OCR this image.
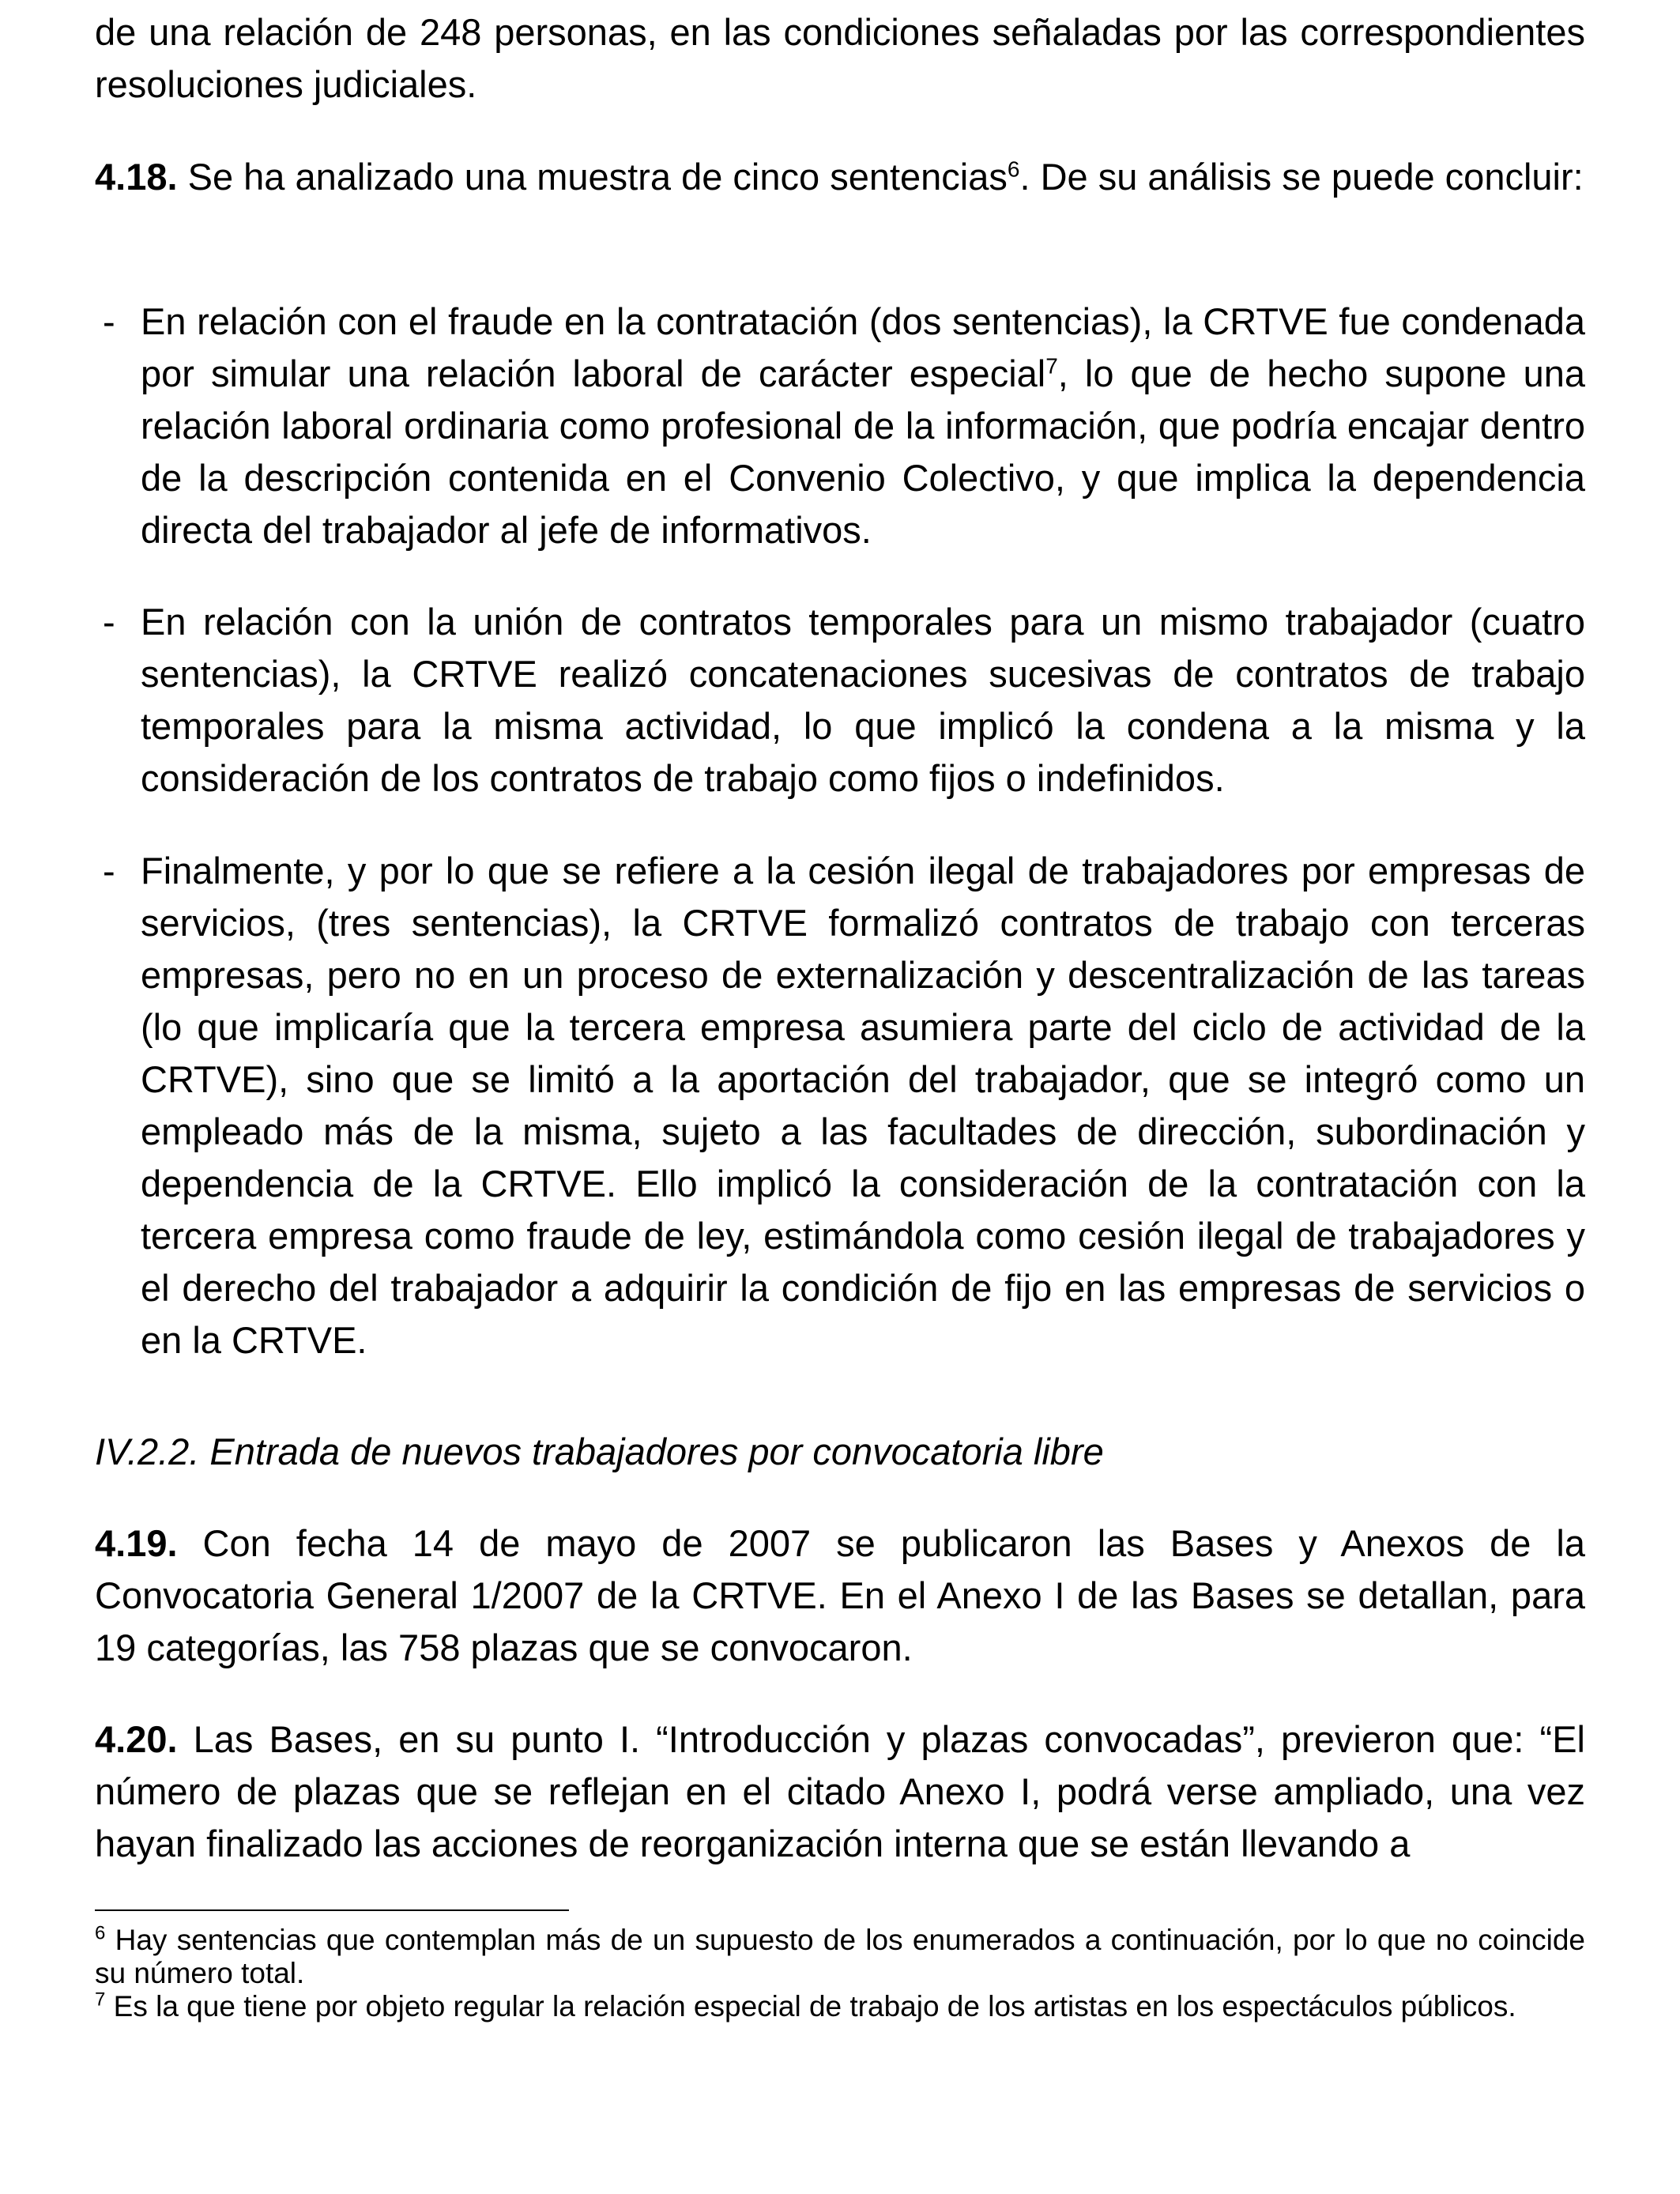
de una relación de 248 personas, en las condiciones señaladas por las correspondientes resoluciones judiciales.

4.18. Se ha analizado una muestra de cinco sentencias$^6$. De su análisis se puede concluir:

- En relación con el fraude en la contratación (dos sentencias), la CRTVE fue condenada por simular una relación laboral de carácter especial$^7$, lo que de hecho supone una relación laboral ordinaria como profesional de la información, que podría encajar dentro de la descripción contenida en el Convenio Colectivo, y que implica la dependencia directa del trabajador al jefe de informativos.

- En relación con la unión de contratos temporales para un mismo trabajador (cuatro sentencias), la CRTVE realizó concatenaciones sucesivas de contratos de trabajo temporales para la misma actividad, lo que implicó la condena a la misma y la consideración de los contratos de trabajo como fijos o indefinidos.

- Finalmente, y por lo que se refiere a la cesión ilegal de trabajadores por empresas de servicios, (tres sentencias), la CRTVE formalizó contratos de trabajo con terceras empresas, pero no en un proceso de externalización y descentralización de las tareas (lo que implicaría que la tercera empresa asumiera parte del ciclo de actividad de la CRTVE), sino que se limitó a la aportación del trabajador, que se integró como un empleado más de la misma, sujeto a las facultades de dirección, subordinación y dependencia de la CRTVE. Ello implicó la consideración de la contratación con la tercera empresa como fraude de ley, estimándola como cesión ilegal de trabajadores y el derecho del trabajador a adquirir la condición de fijo en las empresas de servicios o en la CRTVE.

IV.2.2. Entrada de nuevos trabajadores por convocatoria libre

4.19. Con fecha 14 de mayo de 2007 se publicaron las Bases y Anexos de la Convocatoria General 1/2007 de la CRTVE. En el Anexo I de las Bases se detallan, para 19 categorías, las 758 plazas que se convocaron.

4.20. Las Bases, en su punto I. “Introducción y plazas convocadas”, previeron que: “El número de plazas que se reflejan en el citado Anexo I, podrá verse ampliado, una vez hayan finalizado las acciones de reorganización interna que se están llevando a

$^6$ Hay sentencias que contemplan más de un supuesto de los enumerados a continuación, por lo que no coincide su número total.

$^7$ Es la que tiene por objeto regular la relación especial de trabajo de los artistas en los espectáculos públicos.
